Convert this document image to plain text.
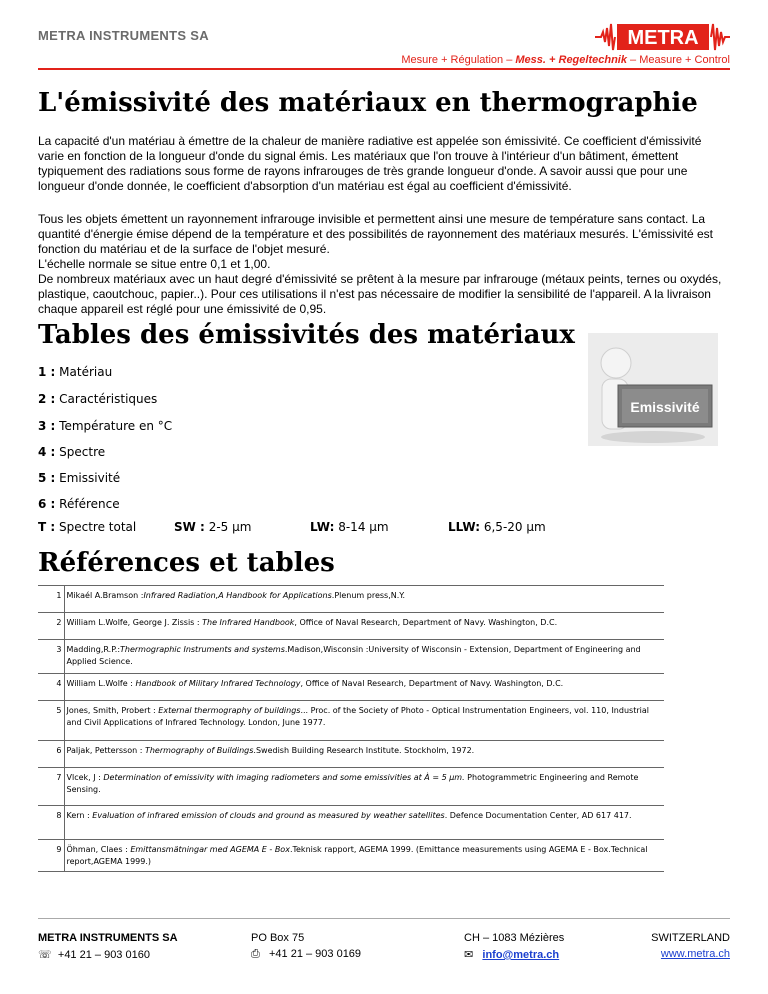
METRA INSTRUMENTS SA	METRA
Mesure + Régulation – Mess. + Regeltechnik – Measure + Control
L'émissivité des matériaux en thermographie
La capacité d'un matériau à émettre de la chaleur de manière radiative est appelée son émissivité. Ce coefficient d'émissivité varie en fonction de la longueur d'onde du signal émis. Les matériaux que l'on trouve à l'intérieur d'un bâtiment, émettent typiquement des radiations sous forme de rayons infrarouges de très grande longueur d'onde. A savoir aussi que pour une longueur d'onde donnée, le coefficient d'absorption d'un matériau est égal au coefficient d'émissivité.
Tous les objets émettent un rayonnement infrarouge invisible et permettent ainsi une mesure de température sans contact. La quantité d'énergie émise dépend de la température et des possibilités de rayonnement des matériaux mesurés. L'émissivité est fonction du matériau et de la surface de l'objet mesuré.
L'échelle normale se situe entre 0,1 et 1,00.
De nombreux matériaux avec un haut degré d'émissivité se prêtent à la mesure par infrarouge (métaux peints, ternes ou oxydés, plastique, caoutchouc, papier..). Pour ces utilisations il n'est pas nécessaire de modifier la sensibilité de l'appareil. A la livraison chaque appareil est réglé pour une émissivité de 0,95.
Tables des émissivités des matériaux
1 : Matériau
2 : Caractéristiques
3 : Température en °C
4 : Spectre
5 : Emissivité
6 : Référence
T : Spectre total	SW : 2-5 µm	LW: 8-14 µm	LLW: 6,5-20 µm
Emissivité
Références et tables
1	Mikaél A.Bramson :Infrared Radiation,A Handbook for Applications.Plenum press,N.Y.
2	William L.Wolfe, George J. Zissis : The Infrared Handbook, Office of Naval Research, Department of Navy. Washington, D.C.
3	Madding,R.P.:Thermographic Instruments and systems.Madison,Wisconsin :University of Wisconsin - Extension, Department of Engineering and Applied Science.
4	William L.Wolfe : Handbook of Military Infrared Technology, Office of Naval Research, Department of Navy. Washington, D.C.
5	Jones, Smith, Probert : External thermography of buildings... Proc. of the Society of Photo - Optical Instrumentation Engineers, vol. 110, Industrial and Civil Applications of Infrared Technology. London, June 1977.
6	Paljak, Pettersson : Thermography of Buildings.Swedish Building Research Institute. Stockholm, 1972.
7	Vlcek, J : Determination of emissivity with imaging radiometers and some emissivities at À = 5 µm. Photogrammetric Engineering and Remote Sensing.
8	Kern : Evaluation of infrared emission of clouds and ground as measured by weather satellites. Defence Documentation Center, AD 617 417.
9	Öhman, Claes : Emittansmätningar med AGEMA E - Box.Teknisk rapport, AGEMA 1999. (Emittance measurements using AGEMA E - Box.Technical report,AGEMA 1999.)
METRA INSTRUMENTS SA
☏ +41 21 – 903 0160
PO Box 75
⎙ +41 21 – 903 0169
CH – 1083 Mézières
✉ info@metra.ch
SWITZERLAND
www.metra.ch
